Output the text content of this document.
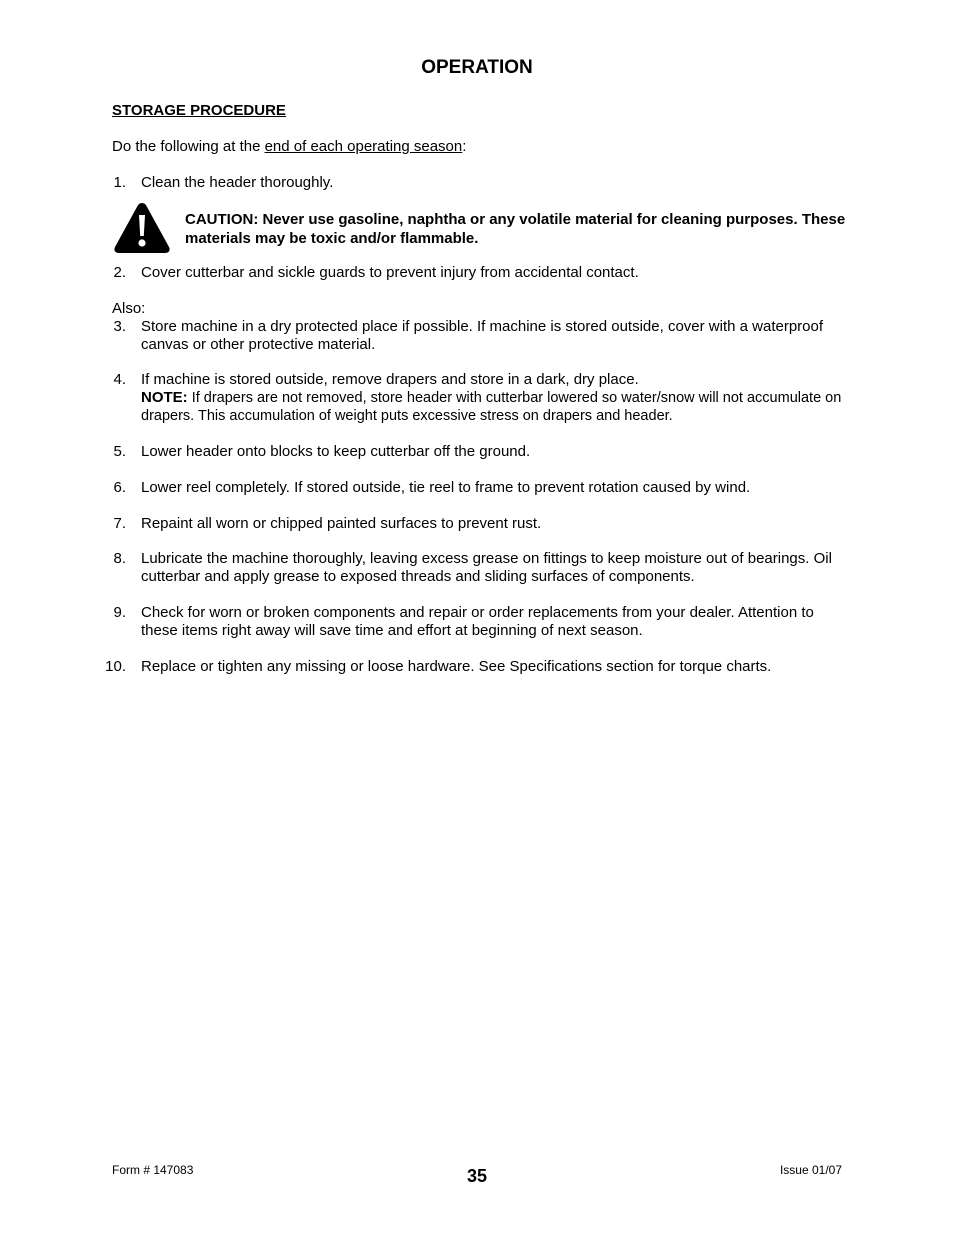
OPERATION
STORAGE PROCEDURE
Do the following at the end of each operating season:
1. Clean the header thoroughly.
CAUTION: Never use gasoline, naphtha or any volatile material for cleaning purposes. These materials may be toxic and/or flammable.
2. Cover cutterbar and sickle guards to prevent injury from accidental contact.
Also:
3. Store machine in a dry protected place if possible. If machine is stored outside, cover with a waterproof canvas or other protective material.
4. If machine is stored outside, remove drapers and store in a dark, dry place.
NOTE: If drapers are not removed, store header with cutterbar lowered so water/snow will not accumulate on drapers. This accumulation of weight puts excessive stress on drapers and header.
5. Lower header onto blocks to keep cutterbar off the ground.
6. Lower reel completely. If stored outside, tie reel to frame to prevent rotation caused by wind.
7. Repaint all worn or chipped painted surfaces to prevent rust.
8. Lubricate the machine thoroughly, leaving excess grease on fittings to keep moisture out of bearings. Oil cutterbar and apply grease to exposed threads and sliding surfaces of components.
9. Check for worn or broken components and repair or order replacements from your dealer. Attention to these items right away will save time and effort at beginning of next season.
10. Replace or tighten any missing or loose hardware. See Specifications section for torque charts.
Form # 147083	35	Issue 01/07
